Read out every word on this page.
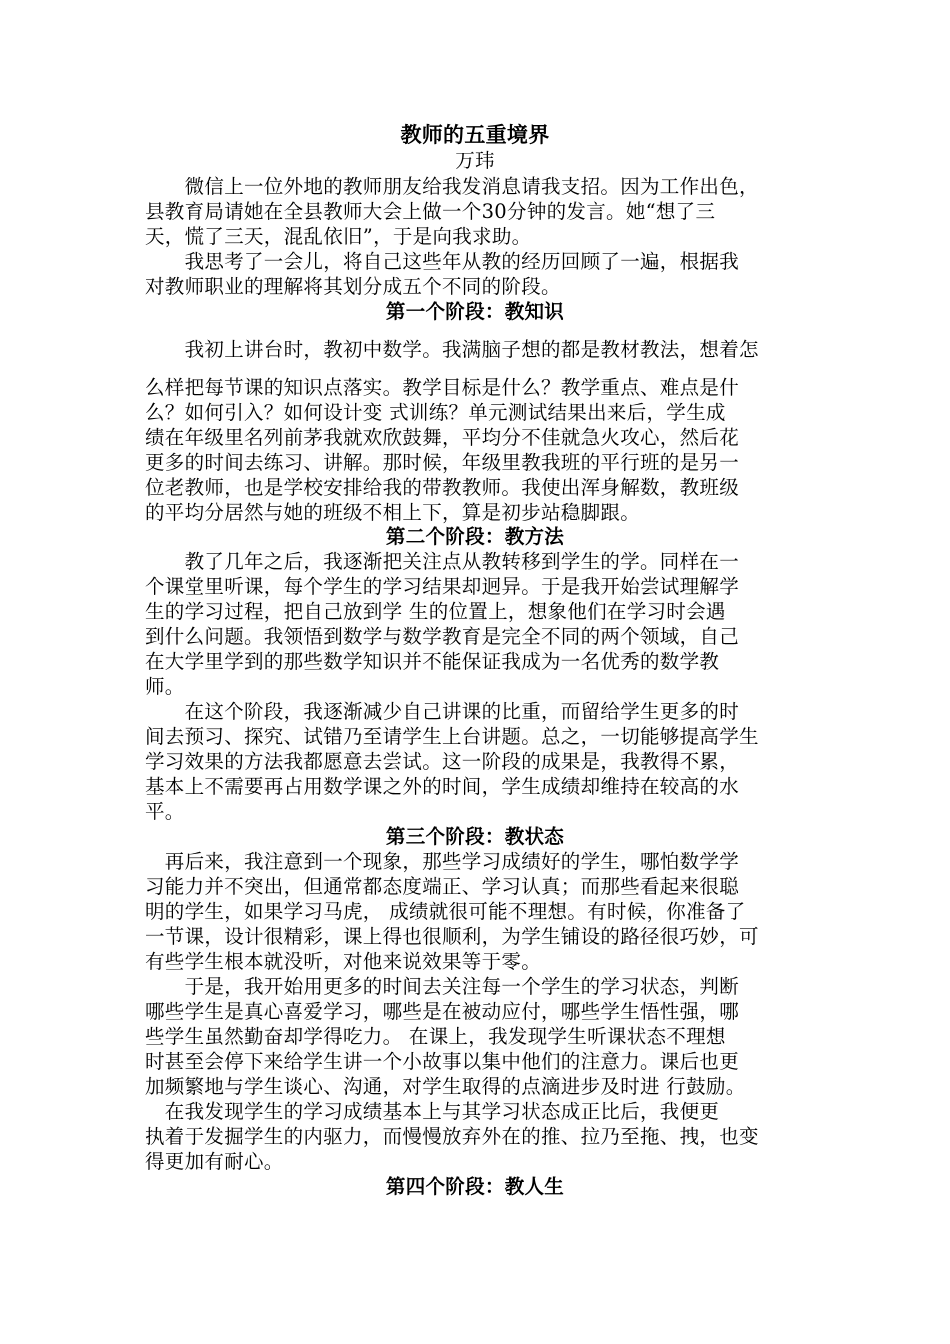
教师的五重境界
万玮
　　微信上一位外地的教师朋友给我发消息请我支招。因为工作出色，
县教育局请她在全县教师大会上做一个30分钟的发言。她“想了三
天，慌了三天，混乱依旧”，于是向我求助。
　　我思考了一会儿，将自己这些年从教的经历回顾了一遍，根据我
对教师职业的理解将其划分成五个不同的阶段。
第一个阶段：教知识
　　我初上讲台时，教初中数学。我满脑子想的都是教材教法，想着怎
么样把每节课的知识点落实。教学目标是什么？教学重点、难点是什
么？如何引入？如何设计变 式训练？单元测试结果出来后，学生成
绩在年级里名列前茅我就欢欣鼓舞，平均分不佳就急火攻心，然后花
更多的时间去练习、讲解。那时候，年级里教我班的平行班的是另一
位老教师，也是学校安排给我的带教教师。我使出浑身解数，教班级
的平均分居然与她的班级不相上下，算是初步站稳脚跟。
第二个阶段：教方法
　　教了几年之后，我逐渐把关注点从教转移到学生的学。同样在一
个课堂里听课，每个学生的学习结果却迥异。于是我开始尝试理解学
生的学习过程，把自己放到学 生的位置上，想象他们在学习时会遇
到什么问题。我领悟到数学与数学教育是完全不同的两个领域，自己
在大学里学到的那些数学知识并不能保证我成为一名优秀的数学教
师。
　　在这个阶段，我逐渐减少自己讲课的比重，而留给学生更多的时
间去预习、探究、试错乃至请学生上台讲题。总之，一切能够提高学生
学习效果的方法我都愿意去尝试。这一阶段的成果是，我教得不累，
基本上不需要再占用数学课之外的时间，学生成绩却维持在较高的水
平。
第三个阶段：教状态
　再后来，我注意到一个现象，那些学习成绩好的学生，哪怕数学学
习能力并不突出，但通常都态度端正、学习认真；而那些看起来很聪
明的学生，如果学习马虎， 成绩就很可能不理想。有时候，你准备了
一节课，设计很精彩，课上得也很顺利，为学生铺设的路径很巧妙，可
有些学生根本就没听，对他来说效果等于零。
　　于是，我开始用更多的时间去关注每一个学生的学习状态，判断
哪些学生是真心喜爱学习，哪些是在被动应付，哪些学生悟性强，哪
些学生虽然勤奋却学得吃力。 在课上，我发现学生听课状态不理想
时甚至会停下来给学生讲一个小故事以集中他们的注意力。课后也更
加频繁地与学生谈心、沟通，对学生取得的点滴进步及时进 行鼓励。
　在我发现学生的学习成绩基本上与其学习状态成正比后，我便更
执着于发掘学生的内驱力，而慢慢放弃外在的推、拉乃至拖、拽，也变
得更加有耐心。
第四个阶段：教人生
